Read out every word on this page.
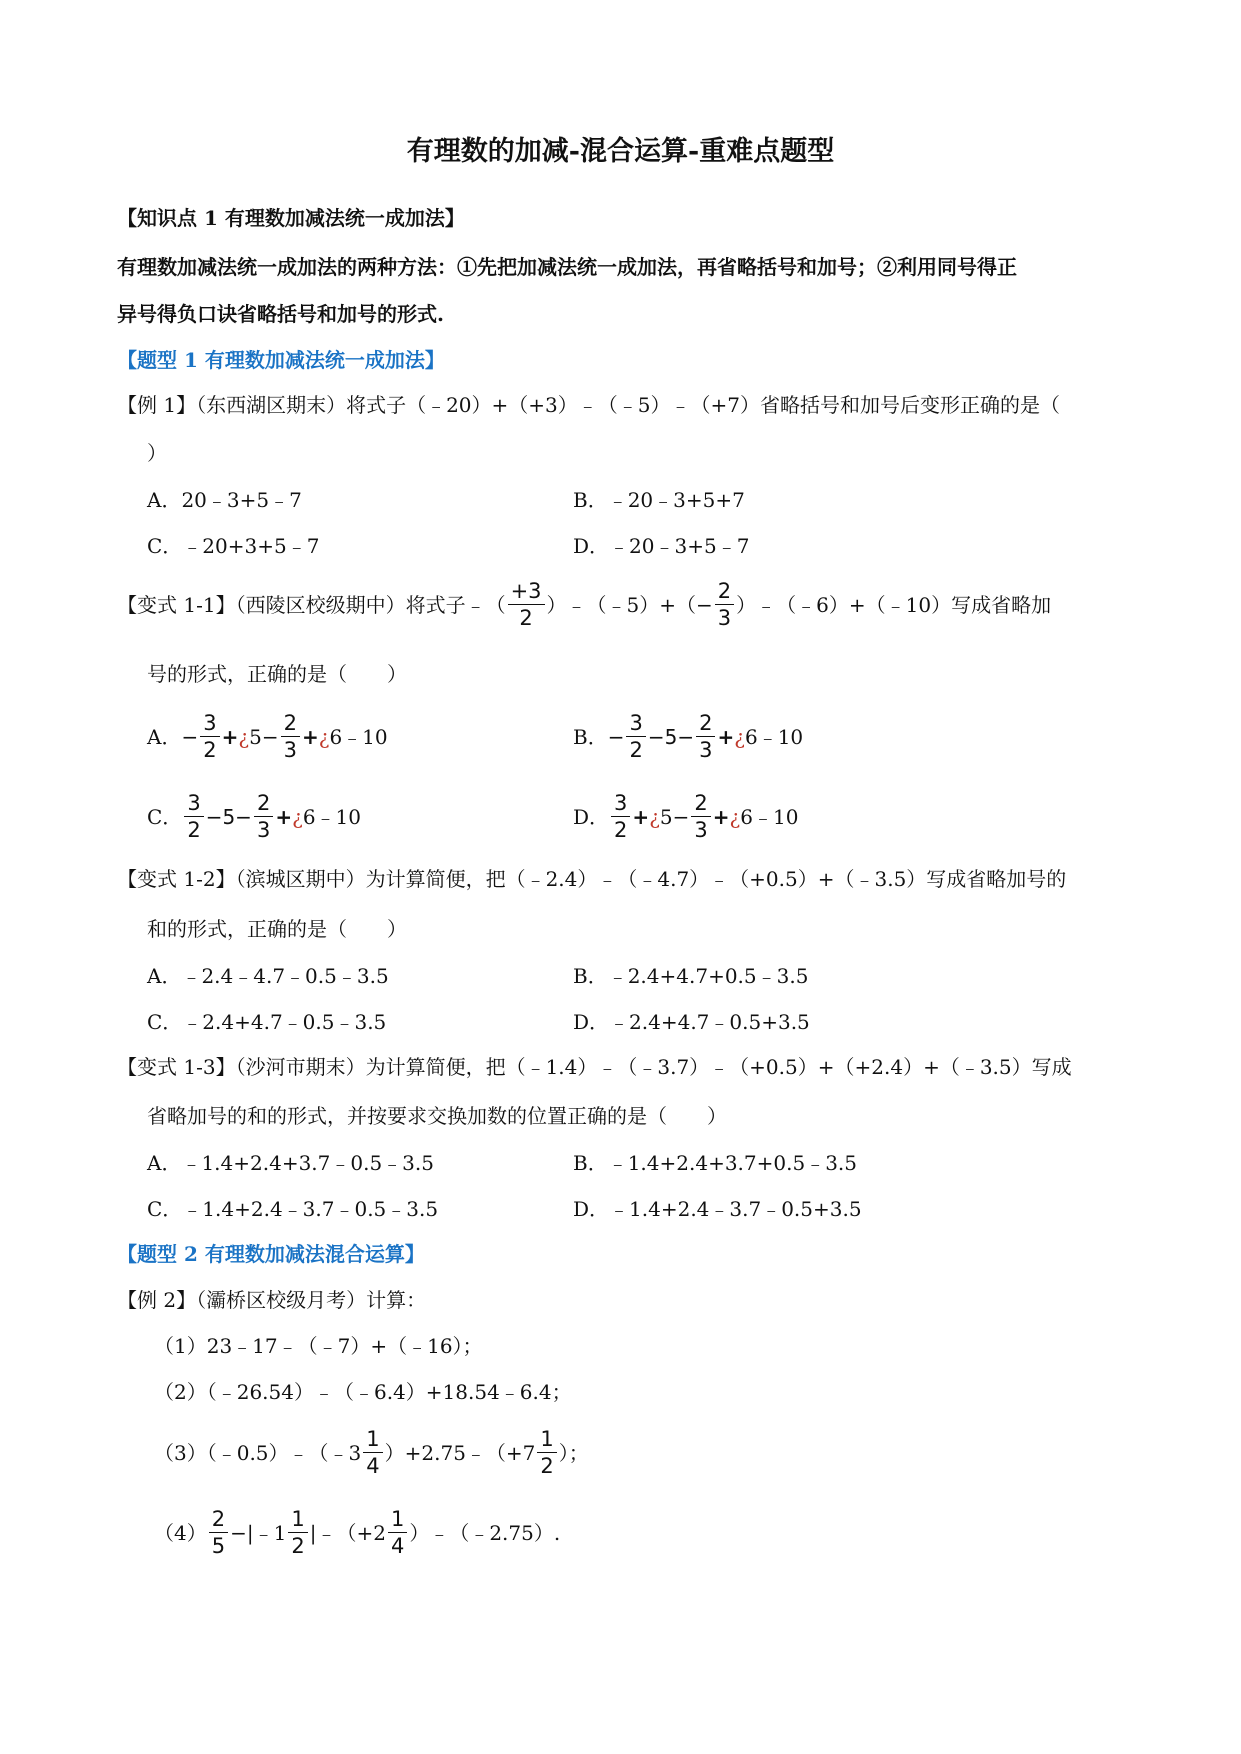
有理数的加减-混合运算-重难点题型
【知识点 1 有理数加减法统一成加法】
有理数加减法统一成加法的两种方法：①先把加减法统一成加法，再省略括号和加号；②利用同号得正
异号得负口诀省略括号和加号的形式.
【题型 1 有理数加减法统一成加法】
【例 1】（东西湖区期末）将式子（﹣20）+（+3）﹣（﹣5）﹣（+7）省略括号和加号后变形正确的是（
）
A．20﹣3+5﹣7	B．﹣20﹣3+5+7
C．﹣20+3+5﹣7	D．﹣20﹣3+5﹣7
【变式 1-1】（西陵区校级期中）将式子﹣（ $\frac{+3}{2}$ ）﹣（﹣5）+（− $\frac{2}{3}$ ）﹣（﹣6）+（﹣10）写成省略加
号的形式，正确的是（　　）
A．− $\frac{3}{2}$ +¿5− $\frac{2}{3}$ +¿6﹣10	B．− $\frac{3}{2} -5- \frac{2}{3}$ +¿6﹣10
C． $\frac{3}{2} -5- \frac{2}{3}$ +¿6﹣10	D． $\frac{3}{2}$ +¿5− $\frac{2}{3}$ +¿6﹣10
【变式 1-2】（滨城区期中）为计算简便，把（﹣2.4）﹣（﹣4.7）﹣（+0.5）+（﹣3.5）写成省略加号的
和的形式，正确的是（　　）
A．﹣2.4﹣4.7﹣0.5﹣3.5	B．﹣2.4+4.7+0.5﹣3.5
C．﹣2.4+4.7﹣0.5﹣3.5	D．﹣2.4+4.7﹣0.5+3.5
【变式 1-3】（沙河市期末）为计算简便，把（﹣1.4）﹣（﹣3.7）﹣（+0.5）+（+2.4）+（﹣3.5）写成
省略加号的和的形式，并按要求交换加数的位置正确的是（　　）
A．﹣1.4+2.4+3.7﹣0.5﹣3.5	B．﹣1.4+2.4+3.7+0.5﹣3.5
C．﹣1.4+2.4﹣3.7﹣0.5﹣3.5	D．﹣1.4+2.4﹣3.7﹣0.5+3.5
【题型 2 有理数加减法混合运算】
【例 2】（灞桥区校级月考）计算：
（1）23﹣17﹣（﹣7）+（﹣16）；
（2）（﹣26.54）﹣（﹣6.4）+18.54﹣6.4；
（3）（﹣0.5）﹣（﹣3 $\frac{1}{4}$ ）+2.75﹣（+7 $\frac{1}{2}$ ）；
$(4) \frac{2}{5}$ −|﹣1 $\frac{1}{2}$ |﹣（+2 $\frac{1}{4}$ ）﹣（﹣2.75）.
